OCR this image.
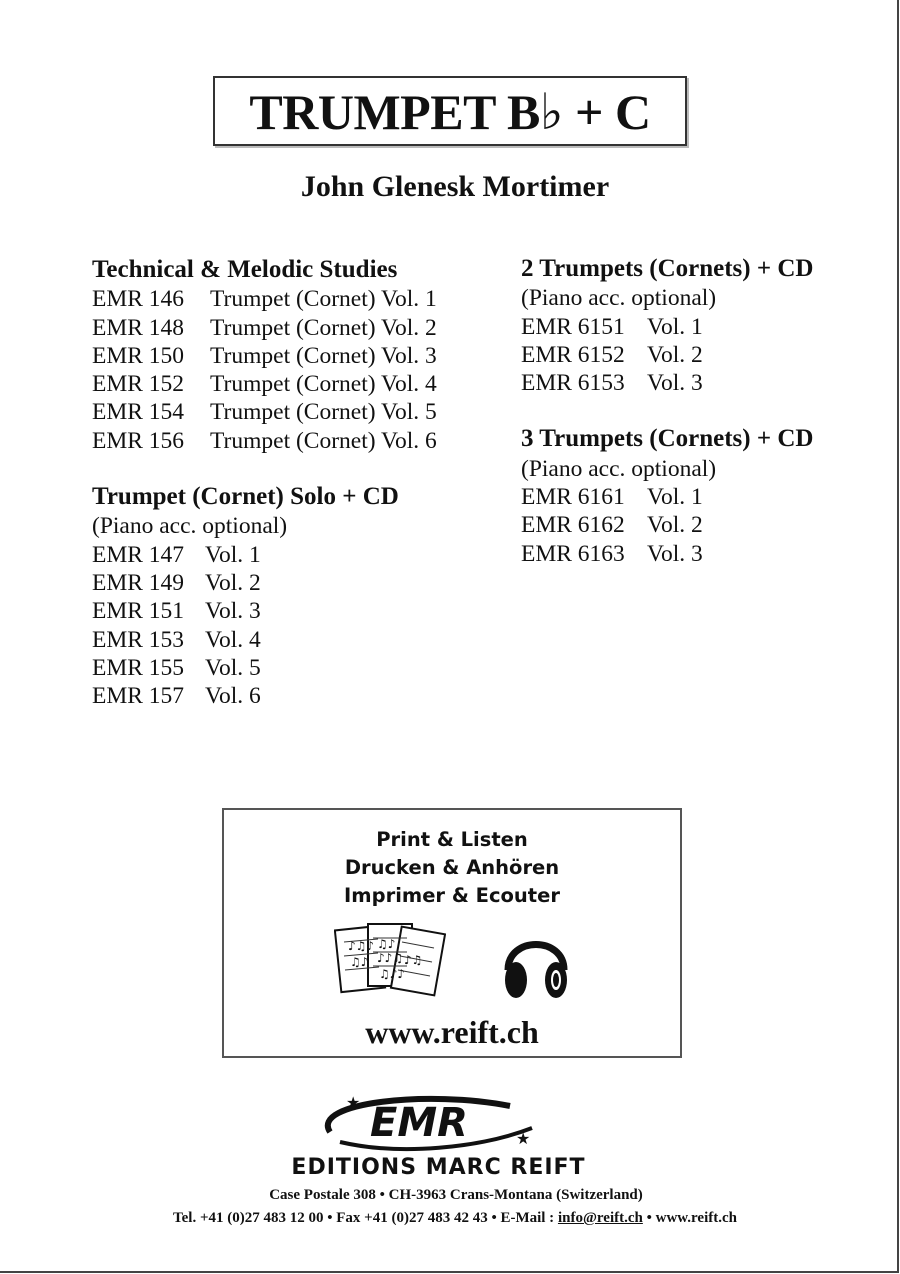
TRUMPET B♭ + C
John Glenesk Mortimer
Technical & Melodic Studies
EMR 146	Trumpet (Cornet) Vol. 1
EMR 148	Trumpet (Cornet) Vol. 2
EMR 150	Trumpet (Cornet) Vol. 3
EMR 152	Trumpet (Cornet) Vol. 4
EMR 154	Trumpet (Cornet) Vol. 5
EMR 156	Trumpet (Cornet) Vol. 6
Trumpet (Cornet) Solo + CD
(Piano acc. optional)
EMR 147 Vol. 1
EMR 149 Vol. 2
EMR 151 Vol. 3
EMR 153 Vol. 4
EMR 155 Vol. 5
EMR 157 Vol. 6
2 Trumpets (Cornets) + CD
(Piano acc. optional)
EMR 6151 Vol. 1
EMR 6152 Vol. 2
EMR 6153 Vol. 3
3 Trumpets (Cornets) + CD
(Piano acc. optional)
EMR 6161 Vol. 1
EMR 6162 Vol. 2
EMR 6163 Vol. 3
Print & Listen
Drucken & Anhören
Imprimer & Ecouter
♪♫♪ ♫♪
♪♪♫
♫♪	♪♫
♫♪♪
www.reift.ch
EMR
★
★
EDITIONS MARC REIFT
Case Postale 308 • CH-3963 Crans-Montana (Switzerland)
Tel. +41 (0)27 483 12 00 • Fax +41 (0)27 483 42 43 • E-Mail : info@reift.ch • www.reift.ch
